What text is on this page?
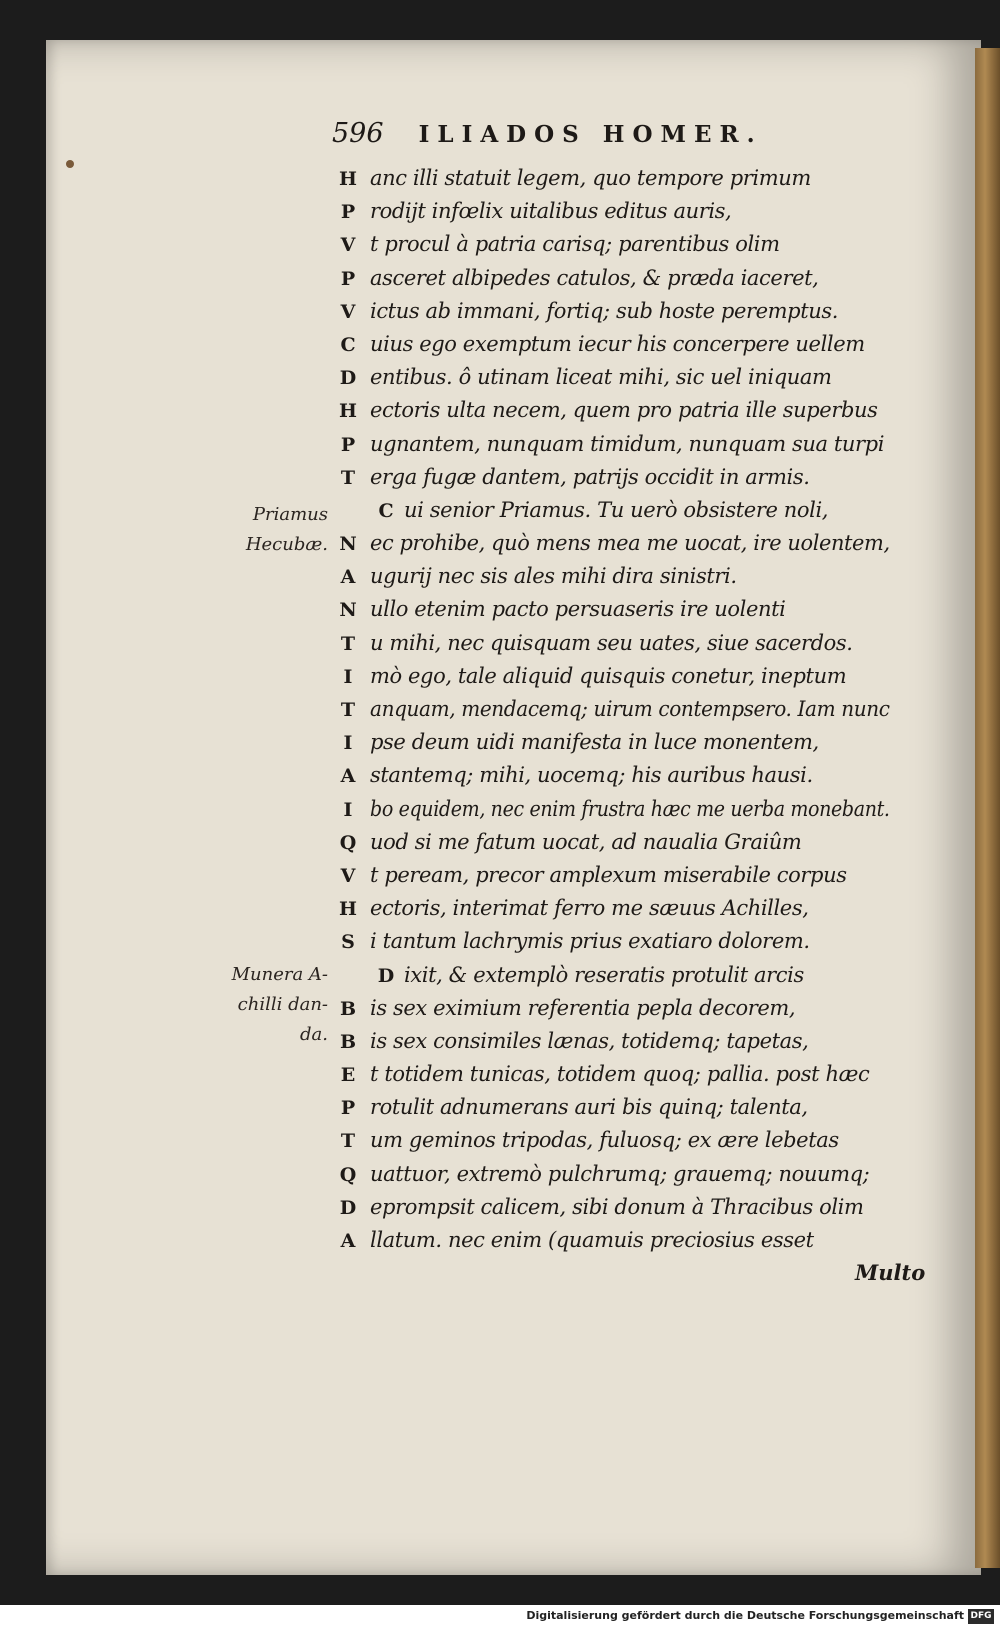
596 ILIADOS HOMER.
Priamus
Hecubæ.
Munera A-
chilli dan-
da.
H anc illi statuit legem, quo tempore primum
P rodijt infœlix uitalibus editus auris,
V t procul à patria carisq; parentibus olim
P asceret albipedes catulos, & præda iaceret,
V ictus ab immani, fortiq; sub hoste peremptus.
C uius ego exemptum iecur his concerpere uellem
D entibus. ô utinam liceat mihi, sic uel iniquam
H ectoris ulta necem, quem pro patria ille superbus
P ugnantem, nunquam timidum, nunquam sua turpi
T erga fugæ dantem, patrijs occidit in armis.
C ui senior Priamus. Tu uerò obsistere noli,
N ec prohibe, quò mens mea me uocat, ire uolentem,
A ugurij nec sis ales mihi dira sinistri.
N ullo etenim pacto persuaseris ire uolenti
T u mihi, nec quisquam seu uates, siue sacerdos.
I mò ego, tale aliquid quisquis conetur, ineptum
T anquam, mendacemq; uirum contempsero. Iam nunc
I pse deum uidi manifesta in luce monentem,
A stantemq; mihi, uocemq; his auribus hausi.
I bo equidem, nec enim frustra hæc me uerba monebant.
Q uod si me fatum uocat, ad naualia Graiûm
V t peream, precor amplexum miserabile corpus
H ectoris, interimat ferro me sæuus Achilles,
S i tantum lachrymis prius exatiaro dolorem.
D ixit, & extemplò reseratis protulit arcis
B is sex eximium referentia pepla decorem,
B is sex consimiles lænas, totidemq; tapetas,
E t totidem tunicas, totidem quoq; pallia. post hæc
P rotulit adnumerans auri bis quinq; talenta,
T um geminos tripodas, fuluosq; ex ære lebetas
Q uattuor, extremò pulchrumq; grauemq; nouumq;
D eprompsit calicem, sibi donum à Thracibus olim
A llatum. nec enim (quamuis preciosius esset
Multo
Digitalisierung gefördert durch die Deutsche Forschungsgemeinschaft DFG
